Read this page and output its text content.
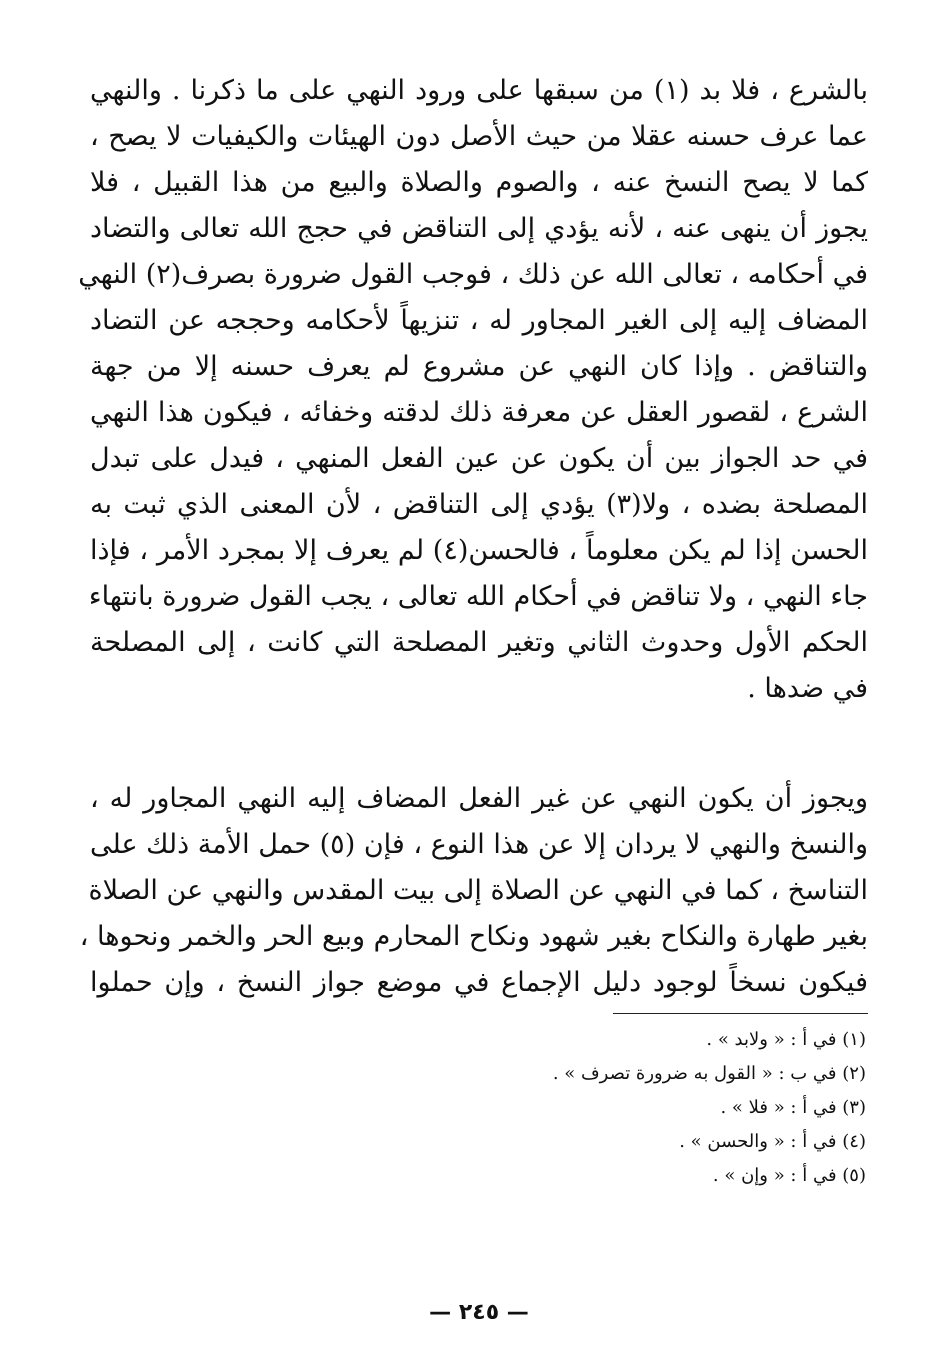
بالشرع ، فلا بد (١) من سبقها على ورود النهي على ما ذكرنا . والنهي
عما عرف حسنه عقلا من حيث الأصل دون الهيئات والكيفيات لا يصح ،
كما لا يصح النسخ عنه ، والصوم والصلاة والبيع من هذا القبيل ، فلا
يجوز أن ينهى عنه ، لأنه يؤدي إلى التناقض في حجج الله تعالى والتضاد
في أحكامه ، تعالى الله عن ذلك ، فوجب القول ضرورة بصرف(٢) النهي
المضاف إليه إلى الغير المجاور له ، تنزيهاً لأحكامه وحججه عن التضاد
والتناقض . وإذا كان النهي عن مشروع لم يعرف حسنه إلا من جهة
الشرع ، لقصور العقل عن معرفة ذلك لدقته وخفائه ، فيكون هذا النهي
في حد الجواز بين أن يكون عن عين الفعل المنهي ، فيدل على تبدل
المصلحة بضده ، ولا(٣) يؤدي إلى التناقض ، لأن المعنى الذي ثبت به
الحسن إذا لم يكن معلوماً ، فالحسن(٤) لم يعرف إلا بمجرد الأمر ، فإذا
جاء النهي ، ولا تناقض في أحكام الله تعالى ، يجب القول ضرورة بانتهاء
الحكم الأول وحدوث الثاني وتغير المصلحة التي كانت ، إلى المصلحة
في ضدها .
ويجوز أن يكون النهي عن غير الفعل المضاف إليه النهي المجاور له ،
والنسخ والنهي لا يردان إلا عن هذا النوع ، فإن (٥) حمل الأمة ذلك على
التناسخ ، كما في النهي عن الصلاة إلى بيت المقدس والنهي عن الصلاة
بغير طهارة والنكاح بغير شهود ونكاح المحارم وبيع الحر والخمر ونحوها ،
فيكون نسخاً لوجود دليل الإجماع في موضع جواز النسخ ، وإن حملوا
(١) في أ : « ولابد » .
(٢) في ب : « القول به ضرورة تصرف » .
(٣) في أ : « فلا » .
(٤) في أ : « والحسن » .
(٥) في أ : « وإن » .
— ٢٤٥ —
